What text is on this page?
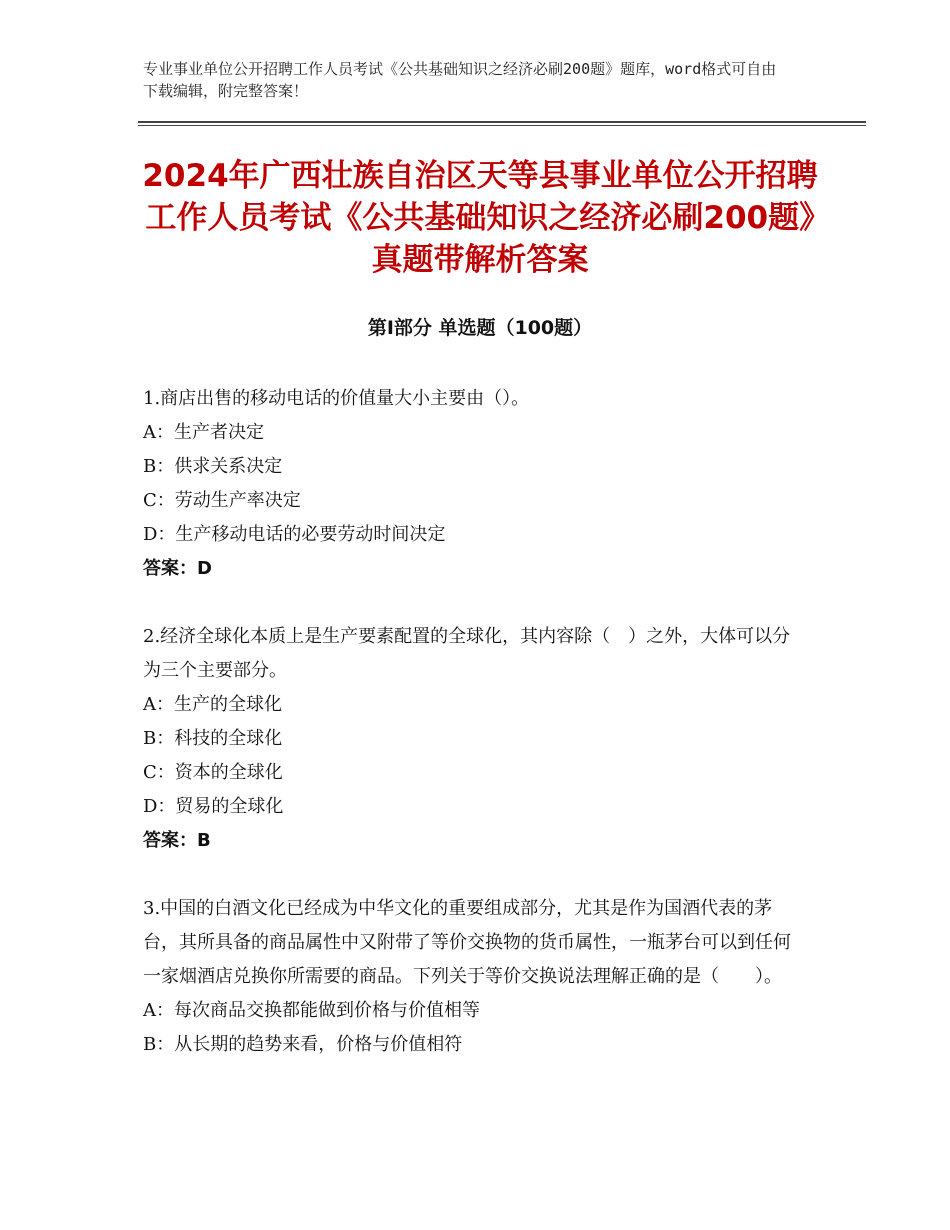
专业事业单位公开招聘工作人员考试《公共基础知识之经济必刷200题》题库，word格式可自由下载编辑，附完整答案！
2024年广西壮族自治区天等县事业单位公开招聘工作人员考试《公共基础知识之经济必刷200题》真题带解析答案
第Ⅰ部分 单选题（100题）
1.商店出售的移动电话的价值量大小主要由（）。
A：生产者决定
B：供求关系决定
C：劳动生产率决定
D：生产移动电话的必要劳动时间决定
答案：D
2.经济全球化本质上是生产要素配置的全球化，其内容除（　）之外，大体可以分为三个主要部分。
A：生产的全球化
B：科技的全球化
C：资本的全球化
D：贸易的全球化
答案：B
3.中国的白酒文化已经成为中华文化的重要组成部分，尤其是作为国酒代表的茅台，其所具备的商品属性中又附带了等价交换物的货币属性，一瓶茅台可以到任何一家烟酒店兑换你所需要的商品。下列关于等价交换说法理解正确的是（　　）。
A：每次商品交换都能做到价格与价值相等
B：从长期的趋势来看，价格与价值相符
